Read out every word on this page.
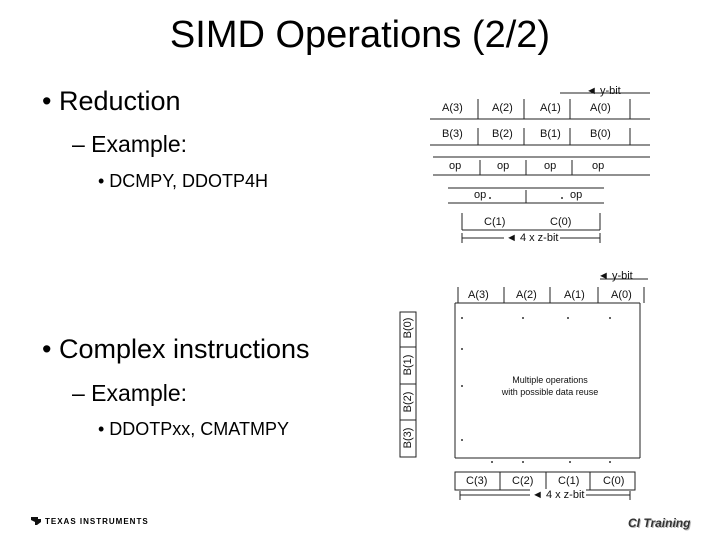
SIMD Operations (2/2)
• Reduction
– Example:
• DCMPY, DDOTP4H
• Complex instructions
– Example:
• DDOTPxx, CMATMPY
◄ y-bit
A(3)	A(2) A(1)	A(0)
B(3)	B(2) B(1)	B(0)
op	op	op	op
op	op
C(1)	C(0)
◄ 4 x z-bit
◄ y-bit
A(3) A(2) A(1) A(0)
B(0)
B(1)
B(2)
B(3)
Multiple operations
with possible data reuse
C(3) C(2) C(1) C(0)
◄ 4 x z-bit
TEXAS INSTRUMENTS	CI Training
